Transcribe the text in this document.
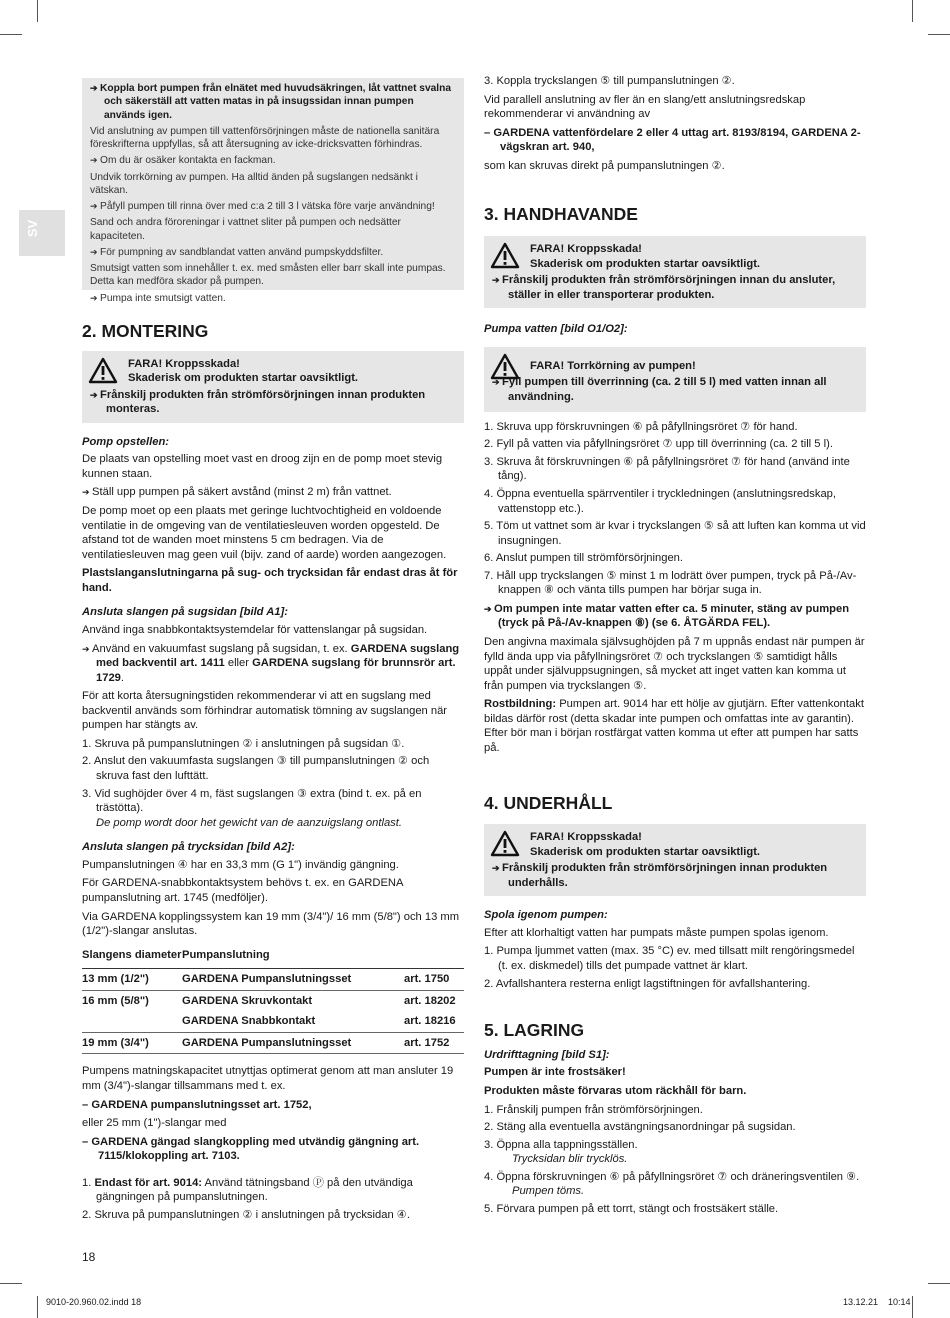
SV

➔ Koppla bort pumpen från elnätet med huvudsäkringen, låt vattnet svalna och säkerställ att vatten matas in på insugssidan innan pumpen används igen.

Vid anslutning av pumpen till vattenförsörjningen måste de nationella sanitära föreskrifterna uppfyllas, så att återsugning av icke-dricksvatten förhindras.

➔ Om du är osäker kontakta en fackman.

Undvik torrkörning av pumpen. Ha alltid änden på sugslangen nedsänkt i vätskan.

➔ Påfyll pumpen till rinna över med c:a 2 till 3 l vätska före varje användning!

Sand och andra föroreningar i vattnet sliter på pumpen och nedsätter kapaciteten.

➔ För pumpning av sandblandat vatten använd pumpskyddsfilter.

Smutsigt vatten som innehåller t. ex. med småsten eller barr skall inte pumpas. Detta kan medföra skador på pumpen.

➔ Pumpa inte smutsigt vatten.

2. MONTERING
FARA! Kroppsskada!
Skaderisk om produkten startar oavsiktligt.
➔ Frånskilj produkten från strömförsörjningen innan produkten monteras.
Pomp opstellen:

De plaats van opstelling moet vast en droog zijn en de pomp moet stevig kunnen staan.

➔ Ställ upp pumpen på säkert avstånd (minst 2 m) från vattnet.

De pomp moet op een plaats met geringe luchtvochtigheid en voldoende ventilatie in de omgeving van de ventilatiesleuven worden opgesteld. De afstand tot de wanden moet minstens 5 cm bedragen. Via de ventilatiesleuven mag geen vuil (bijv. zand of aarde) worden aangezogen.

Plastslanganslutningarna på sug- och trycksidan får endast dras åt för hand.

Ansluta slangen på sugsidan [bild A1]:

Använd inga snabbkontaktsystemdelar för vattenslangar på sugsidan.

➔ Använd en vakuumfast sugslang på sugsidan, t. ex. GARDENA sugslang med backventil art. 1411 eller GARDENA sugslang för brunnsrör art. 1729.

För att korta återsugningstiden rekommenderar vi att en sugslang med backventil används som förhindrar automatisk tömning av sugslangen när pumpen har stängts av.

1. Skruva på pumpanslutningen ② i anslutningen på sugsidan ①.
2. Anslut den vakuumfasta sugslangen ③ till pumpanslutningen ② och skruva fast den lufttätt.
3. Vid sughöjder över 4 m, fäst sugslangen ③ extra (bind t. ex. på en trästötta).
De pomp wordt door het gewicht van de aanzuigslang ontlast.
Ansluta slangen på trycksidan [bild A2]:

Pumpanslutningen ④ har en 33,3 mm (G 1") invändig gängning.

För GARDENA-snabbkontaktsystem behövs t. ex. en GARDENA pumpanslutning art. 1745 (medföljer).

Via GARDENA kopplingssystem kan 19 mm (3/4")/ 16 mm (5/8") och 13 mm (1/2")-slangar anslutas.

Slangens diameter	Pumpanslutning	
13 mm (1/2")	GARDENA Pumpanslutningsset	art. 1750
16 mm (5/8")	GARDENA Skruvkontakt	art. 18202
	GARDENA Snabbkontakt	art. 18216
19 mm (3/4")	GARDENA Pumpanslutningsset	art. 1752

Pumpens matningskapacitet utnyttjas optimerat genom att man ansluter 19 mm (3/4")-slangar tillsammans med t. ex.

– GARDENA pumpanslutningsset art. 1752,

eller 25 mm (1")-slangar med

– GARDENA gängad slangkoppling med utvändig gängning art. 7115/klokoppling art. 7103.

1. Endast för art. 9014: Använd tätningsband Ⓟ på den utvändiga gängningen på pumpanslutningen.
2. Skruva på pumpanslutningen ② i anslutningen på trycksidan ④.

3. Koppla tryckslangen ⑤ till pumpanslutningen ②.

Vid parallell anslutning av fler än en slang/ett anslutningsredskap rekommenderar vi användning av

– GARDENA vattenfördelare 2 eller 4 uttag art. 8193/8194, GARDENA 2-vägskran art. 940,

som kan skruvas direkt på pumpanslutningen ②.

3. HANDHAVANDE
FARA! Kroppsskada!
Skaderisk om produkten startar oavsiktligt.
➔ Frånskilj produkten från strömförsörjningen innan du ansluter, ställer in eller transporterar produkten.
Pumpa vatten [bild O1/O2]:
FARA! Torrkörning av pumpen!
➔ Fyll pumpen till överrinning (ca. 2 till 5 l) med vatten innan all användning.
1. Skruva upp förskruvningen ⑥ på påfyllningsröret ⑦ för hand.
2. Fyll på vatten via påfyllningsröret ⑦ upp till överrinning (ca. 2 till 5 l).
3. Skruva åt förskruvningen ⑥ på påfyllningsröret ⑦ för hand (använd inte tång).
4. Öppna eventuella spärrventiler i tryckledningen (anslutningsredskap, vattenstopp etc.).
5. Töm ut vattnet som är kvar i tryckslangen ⑤ så att luften kan komma ut vid insugningen.
6. Anslut pumpen till strömförsörjningen.
7. Håll upp tryckslangen ⑤ minst 1 m lodrätt över pumpen, tryck på På-/Av-knappen ⑧ och vänta tills pumpen har börjar suga in.

➔ Om pumpen inte matar vatten efter ca. 5 minuter, stäng av pumpen (tryck på På-/Av-knappen ⑧) (se 6. ÅTGÄRDA FEL).

Den angivna maximala självsughöjden på 7 m uppnås endast när pumpen är fylld ända upp via påfyllningsröret ⑦ och tryckslangen ⑤ samtidigt hålls uppåt under självuppsugningen, så mycket att inget vatten kan komma ut från pumpen via tryckslangen ⑤.

Rostbildning: Pumpen art. 9014 har ett hölje av gjutjärn. Efter vattenkontakt bildas därför rost (detta skadar inte pumpen och omfattas inte av garantin). Efter bör man i början rostfärgat vatten komma ut efter att pumpen har satts på.

4. UNDERHÅLL
FARA! Kroppsskada!
Skaderisk om produkten startar oavsiktligt.
➔ Frånskilj produkten från strömförsörjningen innan produkten underhålls.
Spola igenom pumpen:

Efter att klorhaltigt vatten har pumpats måste pumpen spolas igenom.

1. Pumpa ljummet vatten (max. 35 °C) ev. med tillsatt milt rengöringsmedel (t. ex. diskmedel) tills det pumpade vattnet är klart.
2. Avfallshantera resterna enligt lagstiftningen för avfallshantering.
5. LAGRING
Urdrifttagning [bild S1]:

Pumpen är inte frostsäker!

Produkten måste förvaras utom räckhåll för barn.

1. Frånskilj pumpen från strömförsörjningen.
2. Stäng alla eventuella avstängningsanordningar på sugsidan.
3. Öppna alla tappningsställen.
Trycksidan blir trycklös.
4. Öppna förskruvningen ⑥ på påfyllningsröret ⑦ och dräneringsventilen ⑨.
Pumpen töms.
5. Förvara pumpen på ett torrt, stängt och frostsäkert ställe.
18
9010-20.960.02.indd 18	13.12.21 10:14
